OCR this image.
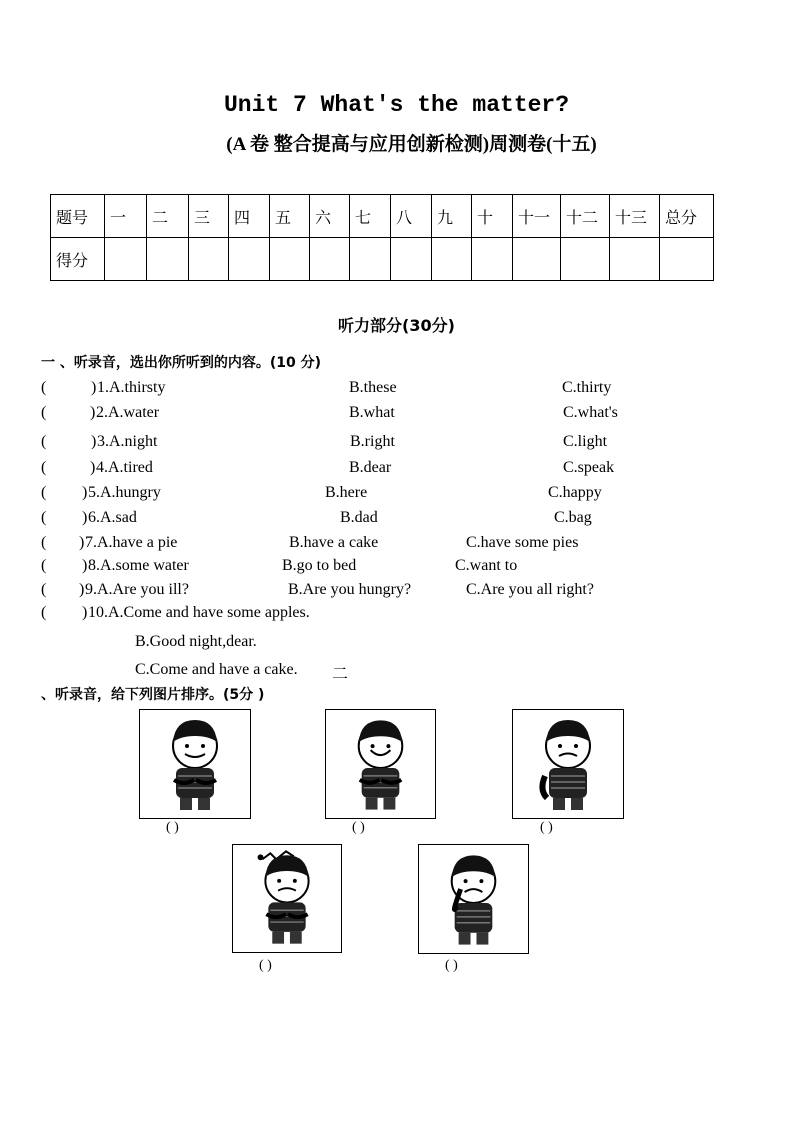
Unit 7 What's the matter?
(A 卷 整合提高与应用创新检测)周测卷(十五)
题号	一	二	三	四	五	六	七	八	九	十	十一	十二	十三	总分
得分														
听力部分(30分)
一 、听录音，选出你所听到的内容。(10 分)
(	) 1.A.thirsty	B.these	C.thirty
(	) 2.A.water	B.what	C.what's
(	) 3.A.night	B.right	C.light
(	) 4.A.tired	B.dear	C.speak
( ) 5.A.hungry	B.here	C.happy
( ) 6.A.sad	B.dad	C.bag
( ) 7.A.have a pie	B.have a cake	C.have some pies
( ) 8.A.some water	B.go to bed	C.want to
( ) 9.A.Are you ill?	B.Are you hungry?	C.Are you all right?
( ) 10.A.Come and have some apples.
B.Good night,dear.
C.Come and have a cake. 二
、听录音，给下列图片排序。(5分 )
( )	( )	( )
( )	( )
